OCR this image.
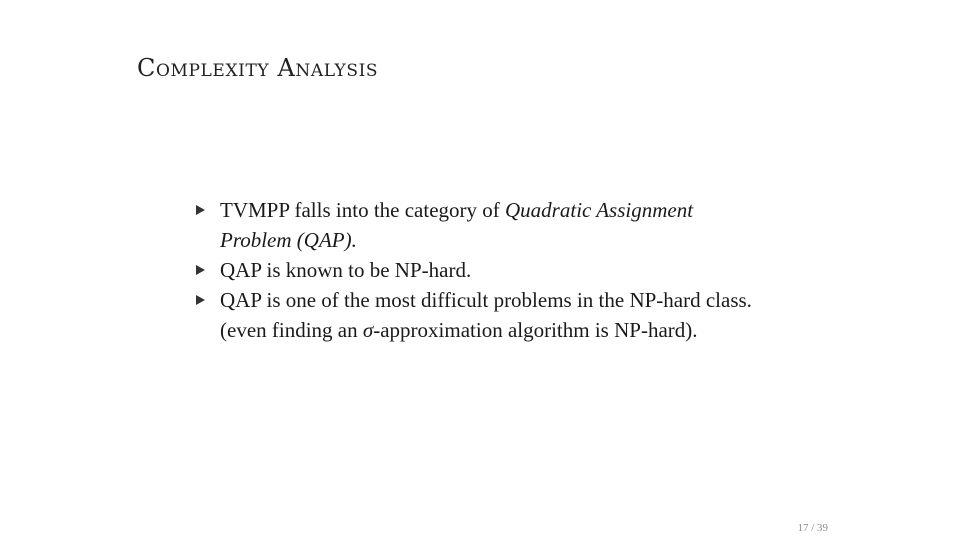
Complexity Analysis
TVMPP falls into the category of Quadratic Assignment Problem (QAP).
QAP is known to be NP-hard.
QAP is one of the most difficult problems in the NP-hard class. (even finding an σ-approximation algorithm is NP-hard).
17 / 39
